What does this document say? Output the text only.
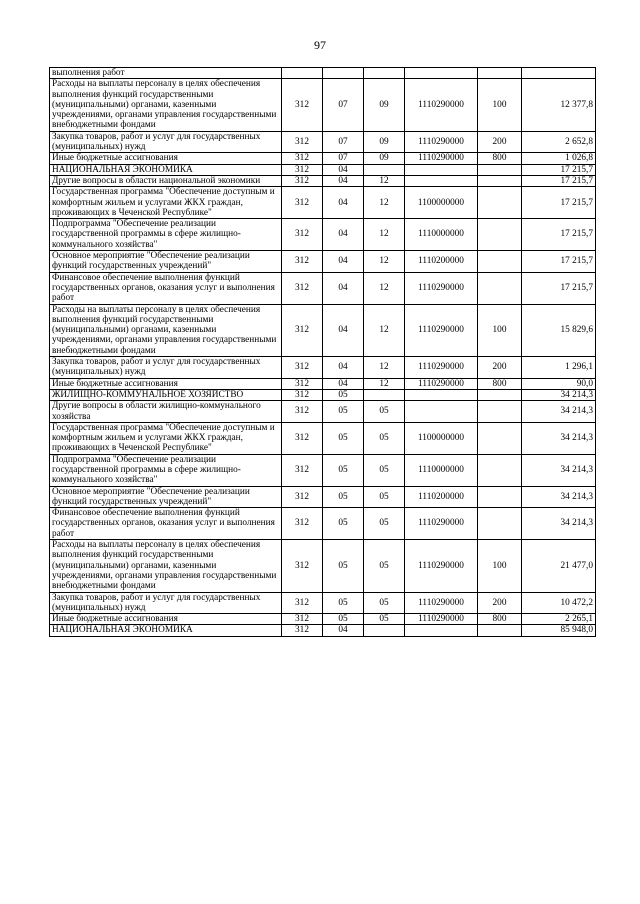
97
выполнения работ						
Расходы на выплаты персоналу в целях обеспечения выполнения функций государственными (муниципальными) органами, казенными учреждениями, органами управления государственными внебюджетными фондами	312	07	09	1110290000	100	12 377,8
Закупка товаров, работ и услуг для государственных (муниципальных) нужд	312	07	09	1110290000	200	2 652,8
Иные бюджетные ассигнования	312	07	09	1110290000	800	1 026,8
НАЦИОНАЛЬНАЯ ЭКОНОМИКА	312	04				17 215,7
Другие вопросы в области национальной экономики	312	04	12			17 215,7
Государственная программа "Обеспечение доступным и комфортным жильем и услугами ЖКХ граждан, проживающих в Чеченской Республике"	312	04	12	1100000000		17 215,7
Подпрограмма "Обеспечение реализации государственной программы в сфере жилищно-коммунального хозяйства"	312	04	12	1110000000		17 215,7
Основное мероприятие "Обеспечение реализации функций государственных учреждений"	312	04	12	1110200000		17 215,7
Финансовое обеспечение выполнения функций государственных органов, оказания услуг и выполнения работ	312	04	12	1110290000		17 215,7
Расходы на выплаты персоналу в целях обеспечения выполнения функций государственными (муниципальными) органами, казенными учреждениями, органами управления государственными внебюджетными фондами	312	04	12	1110290000	100	15 829,6
Закупка товаров, работ и услуг для государственных (муниципальных) нужд	312	04	12	1110290000	200	1 296,1
Иные бюджетные ассигнования	312	04	12	1110290000	800	90,0
ЖИЛИЩНО-КОММУНАЛЬНОЕ ХОЗЯЙСТВО	312	05				34 214,3
Другие вопросы в области жилищно-коммунального хозяйства	312	05	05			34 214,3
Государственная программа "Обеспечение доступным и комфортным жильем и услугами ЖКХ граждан, проживающих в Чеченской Республике"	312	05	05	1100000000		34 214,3
Подпрограмма "Обеспечение реализации государственной программы в сфере жилищно-коммунального хозяйства"	312	05	05	1110000000		34 214,3
Основное мероприятие "Обеспечение реализации функций государственных учреждений"	312	05	05	1110200000		34 214,3
Финансовое обеспечение выполнения функций государственных органов, оказания услуг и выполнения работ	312	05	05	1110290000		34 214,3
Расходы на выплаты персоналу в целях обеспечения выполнения функций государственными (муниципальными) органами, казенными учреждениями, органами управления государственными внебюджетными фондами	312	05	05	1110290000	100	21 477,0
Закупка товаров, работ и услуг для государственных (муниципальных) нужд	312	05	05	1110290000	200	10 472,2
Иные бюджетные ассигнования	312	05	05	1110290000	800	2 265,1
НАЦИОНАЛЬНАЯ ЭКОНОМИКА	312	04				85 948,0
